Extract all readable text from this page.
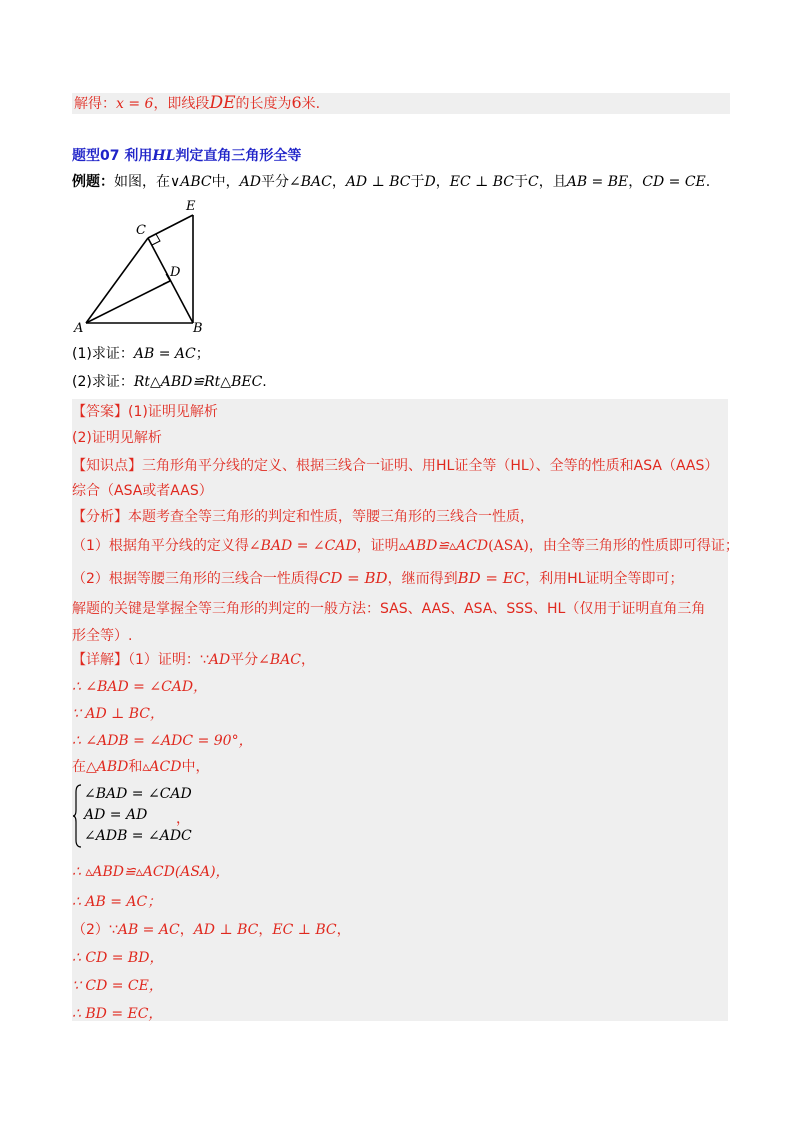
解得：x = 6，即线段DE的长度为6米.
题型07 利用HL判定直角三角形全等
例题：如图，在∨ABC中，AD平分∠BAC，AD ⊥ BC于D，EC ⊥ BC于C，且AB = BE，CD = CE.
E
C
D
A	B
(1)求证：AB = AC；
(2)求证：Rt△ABD≌Rt△BEC.
【答案】(1)证明见解析
(2)证明见解析
【知识点】三角形角平分线的定义、根据三线合一证明、用HL证全等（HL）、全等的性质和ASA（AAS）
综合（ASA或者AAS）
【分析】本题考查全等三角形的判定和性质，等腰三角形的三线合一性质，
（1）根据角平分线的定义得∠BAD = ∠CAD，证明▵ABD≌▵ACD(ASA)，由全等三角形的性质即可得证；
（2）根据等腰三角形的三线合一性质得CD = BD，继而得到BD = EC，利用HL证明全等即可；
解题的关键是掌握全等三角形的判定的一般方法：SAS、AAS、ASA、SSS、HL（仅用于证明直角三角
形全等）.
【详解】（1）证明：∵AD平分∠BAC，
∴ ∠BAD = ∠CAD，
∵ AD ⊥ BC，
∴ ∠ADB = ∠ADC = 90°，
在△ABD和▵ACD中，
∠BAD = ∠CAD
AD = AD
∠ADB = ∠ADC
，
∴ ▵ABD≌▵ACD(ASA)，
∴ AB = AC；
（2）∵AB = AC，AD ⊥ BC，EC ⊥ BC，
∴ CD = BD，
∵ CD = CE，
∴ BD = EC，
